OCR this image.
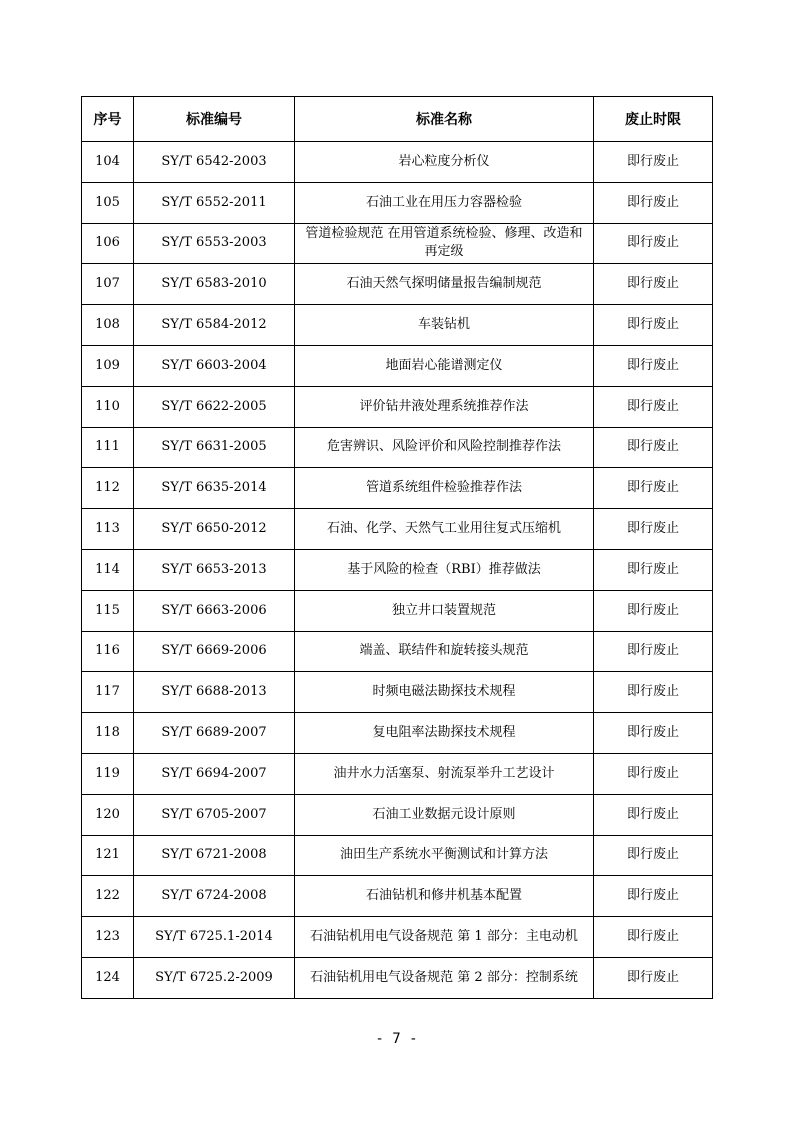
序号	标准编号	标准名称	废止时限
104	SY/T 6542-2003	岩心粒度分析仪	即行废止
105	SY/T 6552-2011	石油工业在用压力容器检验	即行废止
106	SY/T 6553-2003	管道检验规范 在用管道系统检验、修理、改造和再定级	即行废止
107	SY/T 6583-2010	石油天然气探明储量报告编制规范	即行废止
108	SY/T 6584-2012	车装钻机	即行废止
109	SY/T 6603-2004	地面岩心能谱测定仪	即行废止
110	SY/T 6622-2005	评价钻井液处理系统推荐作法	即行废止
111	SY/T 6631-2005	危害辨识、风险评价和风险控制推荐作法	即行废止
112	SY/T 6635-2014	管道系统组件检验推荐作法	即行废止
113	SY/T 6650-2012	石油、化学、天然气工业用往复式压缩机	即行废止
114	SY/T 6653-2013	基于风险的检查（RBI）推荐做法	即行废止
115	SY/T 6663-2006	独立井口装置规范	即行废止
116	SY/T 6669-2006	端盖、联结件和旋转接头规范	即行废止
117	SY/T 6688-2013	时频电磁法勘探技术规程	即行废止
118	SY/T 6689-2007	复电阻率法勘探技术规程	即行废止
119	SY/T 6694-2007	油井水力活塞泵、射流泵举升工艺设计	即行废止
120	SY/T 6705-2007	石油工业数据元设计原则	即行废止
121	SY/T 6721-2008	油田生产系统水平衡测试和计算方法	即行废止
122	SY/T 6724-2008	石油钻机和修井机基本配置	即行废止
123	SY/T 6725.1-2014	石油钻机用电气设备规范 第 1 部分：主电动机	即行废止
124	SY/T 6725.2-2009	石油钻机用电气设备规范 第 2 部分：控制系统	即行废止
- 7 -
